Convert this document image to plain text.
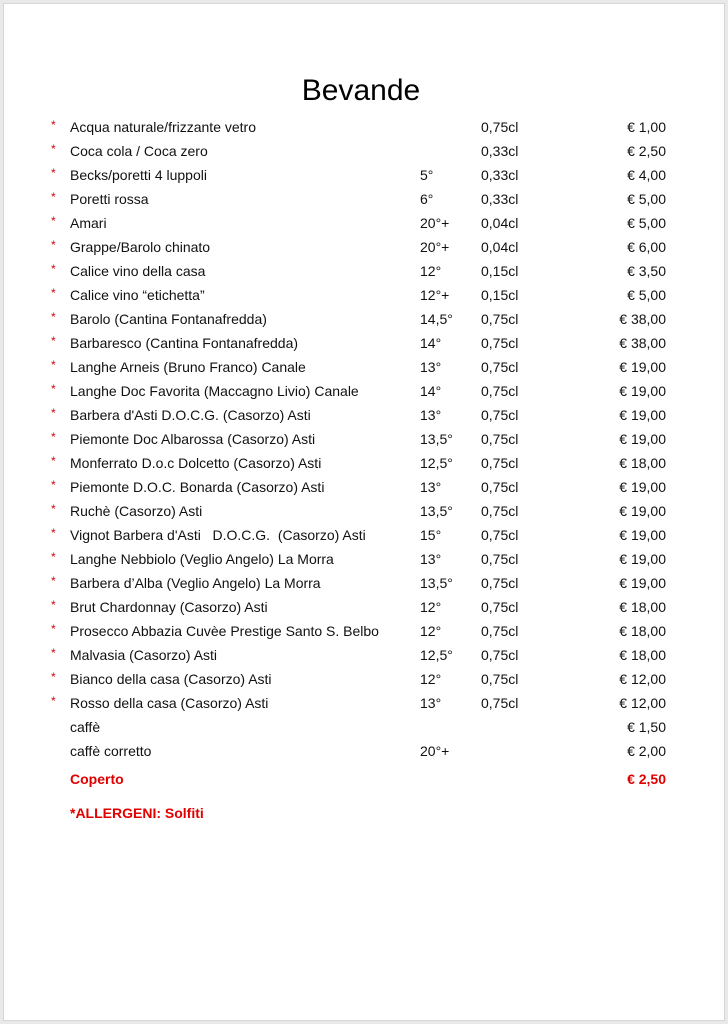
Bevande
* Acqua naturale/frizzante vetro	0,75cl	€ 1,00
* Coca cola / Coca zero	0,33cl	€ 2,50
* Becks/poretti 4 luppoli	5°	0,33cl	€ 4,00
* Poretti rossa	6°	0,33cl	€ 5,00
* Amari	20°+ 0,04cl	€ 5,00
* Grappe/Barolo chinato	20°+ 0,04cl	€ 6,00
* Calice vino della casa	12°	0,15cl	€ 3,50
* Calice vino “etichetta”	12°+ 0,15cl	€ 5,00
* Barolo (Cantina Fontanafredda)	14,5° 0,75cl	€ 38,00
* Barbaresco (Cantina Fontanafredda)	14°	0,75cl	€ 38,00
* Langhe Arneis (Bruno Franco) Canale	13°	0,75cl	€ 19,00
* Langhe Doc Favorita (Maccagno Livio) Canale	14°	0,75cl	€ 19,00
* Barbera d'Asti D.O.C.G. (Casorzo) Asti	13°	0,75cl	€ 19,00
* Piemonte Doc Albarossa (Casorzo) Asti	13,5° 0,75cl	€ 19,00
* Monferrato D.o.c Dolcetto (Casorzo) Asti	12,5° 0,75cl	€ 18,00
* Piemonte D.O.C. Bonarda (Casorzo) Asti	13°	0,75cl	€ 19,00
* Ruchè (Casorzo) Asti	13,5° 0,75cl	€ 19,00
* Vignot Barbera d'Asti   D.O.C.G.  (Casorzo) Asti	15°	0,75cl	€ 19,00
* Langhe Nebbiolo (Veglio Angelo) La Morra	13°	0,75cl	€ 19,00
* Barbera d’Alba (Veglio Angelo) La Morra	13,5° 0,75cl	€ 19,00
* Brut Chardonnay (Casorzo) Asti	12°	0,75cl	€ 18,00
* Prosecco Abbazia Cuvèe Prestige Santo S. Belbo	12°	0,75cl	€ 18,00
* Malvasia (Casorzo) Asti	12,5° 0,75cl	€ 18,00
* Bianco della casa (Casorzo) Asti	12°	0,75cl	€ 12,00
* Rosso della casa (Casorzo) Asti	13°	0,75cl	€ 12,00
caffè	€ 1,50
caffè corretto	20°+	€ 2,00
Coperto	€ 2,50
*ALLERGENI: Solfiti
